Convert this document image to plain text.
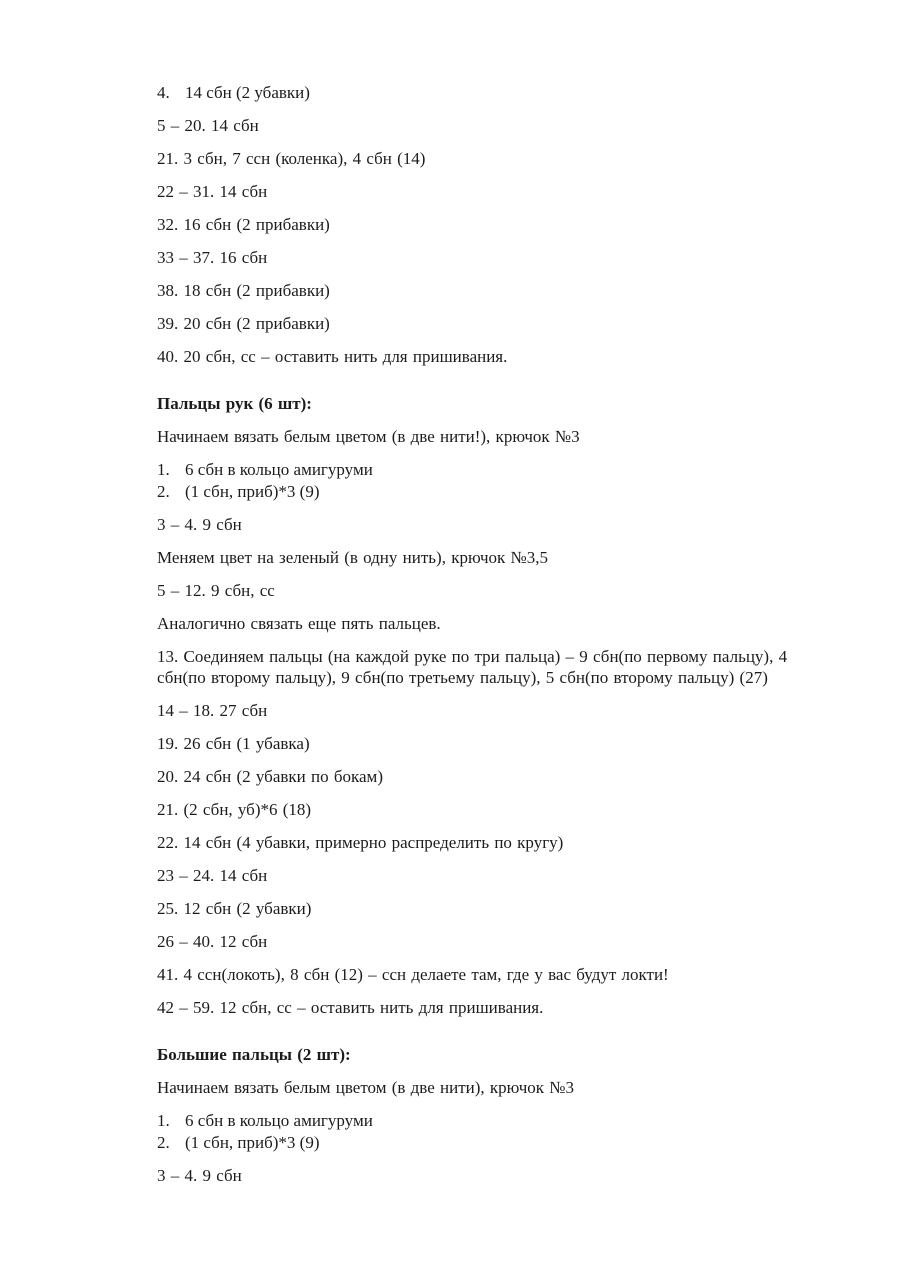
4. 14 сбн (2 убавки)

5 – 20. 14 сбн

21. 3 сбн, 7 ссн (коленка), 4 сбн (14)

22 – 31. 14 сбн

32. 16 сбн (2 прибавки)

33 – 37. 16 сбн

38. 18 сбн (2 прибавки)

39. 20 сбн (2 прибавки)

40. 20 сбн, сс – оставить нить для пришивания.

Пальцы рук (6 шт):

Начинаем вязать белым цветом (в две нити!), крючок №3

1. 6 сбн в кольцо амигуруми
2. (1 сбн, приб)*3 (9)

3 – 4. 9 сбн

Меняем цвет на зеленый (в одну нить), крючок №3,5

5 – 12. 9 сбн, сс

Аналогично связать еще пять пальцев.

13. Соединяем пальцы (на каждой руке по три пальца) – 9 сбн(по первому пальцу), 4 сбн(по второму пальцу), 9 сбн(по третьему пальцу), 5 сбн(по второму пальцу) (27)

14 – 18. 27 сбн

19. 26 сбн (1 убавка)

20. 24 сбн (2 убавки по бокам)

21. (2 сбн, уб)*6 (18)

22. 14 сбн (4 убавки, примерно распределить по кругу)

23 – 24. 14 сбн

25. 12 сбн (2 убавки)

26 – 40. 12 сбн

41. 4 ссн(локоть), 8 сбн (12) – ссн делаете там, где у вас будут локти!

42 – 59. 12 сбн, сс – оставить нить для пришивания.

Большие пальцы (2 шт):

Начинаем вязать белым цветом (в две нити), крючок №3

1. 6 сбн в кольцо амигуруми
2. (1 сбн, приб)*3 (9)

3 – 4. 9 сбн
